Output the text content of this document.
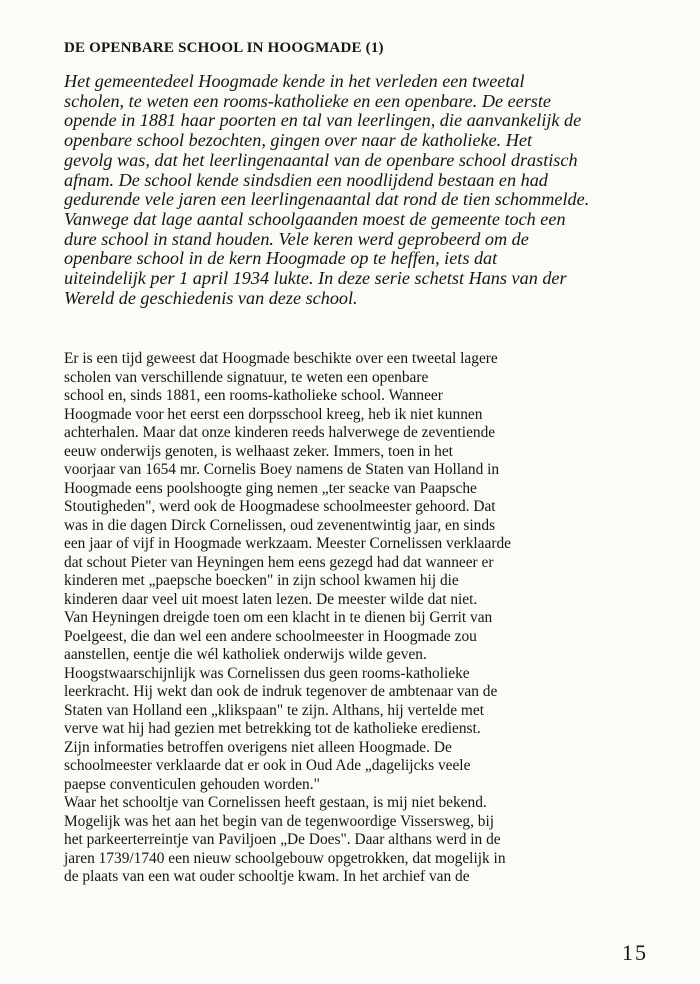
DE OPENBARE SCHOOL IN HOOGMADE (1)
Het gemeentedeel Hoogmade kende in het verleden een tweetal
scholen, te weten een rooms-katholieke en een openbare. De eerste
opende in 1881 haar poorten en tal van leerlingen, die aanvankelijk de
openbare school bezochten, gingen over naar de katholieke. Het
gevolg was, dat het leerlingenaantal van de openbare school drastisch
afnam. De school kende sindsdien een noodlijdend bestaan en had
gedurende vele jaren een leerlingenaantal dat rond de tien schommelde.
Vanwege dat lage aantal schoolgaanden moest de gemeente toch een
dure school in stand houden. Vele keren werd geprobeerd om de
openbare school in de kern Hoogmade op te heffen, iets dat
uiteindelijk per 1 april 1934 lukte. In deze serie schetst Hans van der
Wereld de geschiedenis van deze school.
Er is een tijd geweest dat Hoogmade beschikte over een tweetal lagere
scholen van verschillende signatuur, te weten een openbare
school en, sinds 1881, een rooms-katholieke school. Wanneer
Hoogmade voor het eerst een dorpsschool kreeg, heb ik niet kunnen
achterhalen. Maar dat onze kinderen reeds halverwege de zeventiende
eeuw onderwijs genoten, is welhaast zeker. Immers, toen in het
voorjaar van 1654 mr. Cornelis Boey namens de Staten van Holland in
Hoogmade eens poolshoogte ging nemen „ter seacke van Paapsche
Stoutigheden", werd ook de Hoogmadese schoolmeester gehoord. Dat
was in die dagen Dirck Cornelissen, oud zevenentwintig jaar, en sinds
een jaar of vijf in Hoogmade werkzaam. Meester Cornelissen verklaarde
dat schout Pieter van Heyningen hem eens gezegd had dat wanneer er
kinderen met „paepsche boecken" in zijn school kwamen hij die
kinderen daar veel uit moest laten lezen. De meester wilde dat niet.
Van Heyningen dreigde toen om een klacht in te dienen bij Gerrit van
Poelgeest, die dan wel een andere schoolmeester in Hoogmade zou
aanstellen, eentje die wél katholiek onderwijs wilde geven.
Hoogstwaarschijnlijk was Cornelissen dus geen rooms-katholieke
leerkracht. Hij wekt dan ook de indruk tegenover de ambtenaar van de
Staten van Holland een „klikspaan" te zijn. Althans, hij vertelde met
verve wat hij had gezien met betrekking tot de katholieke eredienst.
Zijn informaties betroffen overigens niet alleen Hoogmade. De
schoolmeester verklaarde dat er ook in Oud Ade „dagelijcks veele
paepse conventiculen gehouden worden."
Waar het schooltje van Cornelissen heeft gestaan, is mij niet bekend.
Mogelijk was het aan het begin van de tegenwoordige Vissersweg, bij
het parkeerterreintje van Paviljoen „De Does". Daar althans werd in de
jaren 1739/1740 een nieuw schoolgebouw opgetrokken, dat mogelijk in
de plaats van een wat ouder schooltje kwam. In het archief van de
15
